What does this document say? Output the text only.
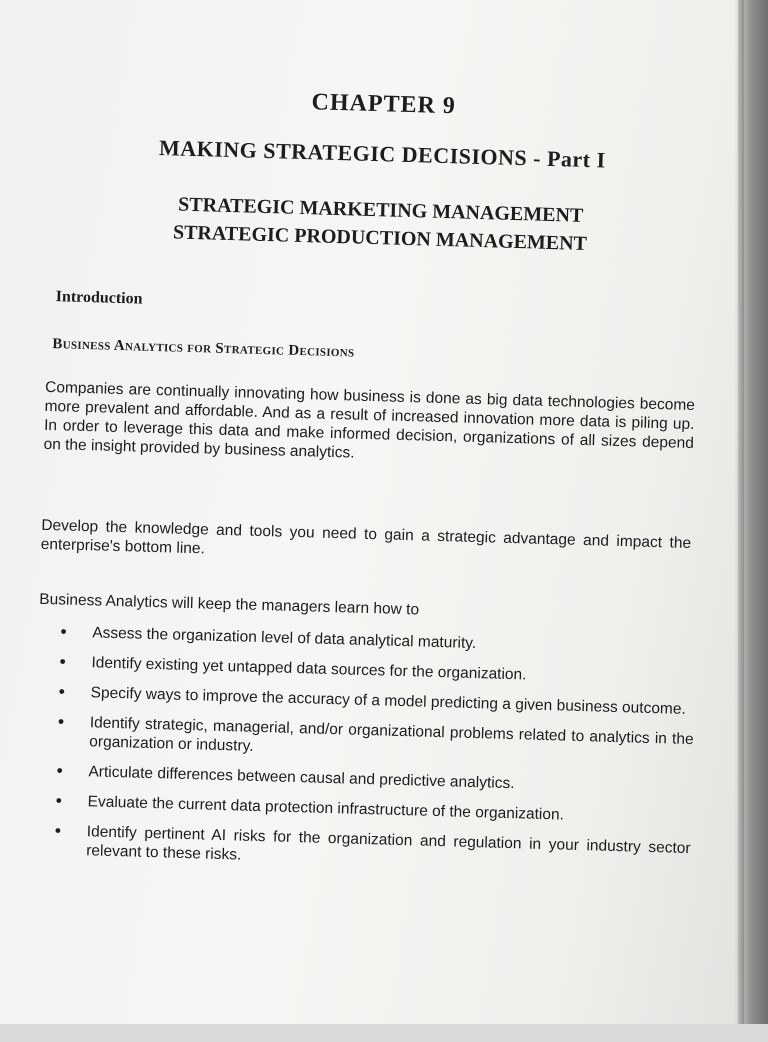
CHAPTER 9
MAKING STRATEGIC DECISIONS - Part I
STRATEGIC MARKETING MANAGEMENT
STRATEGIC PRODUCTION MANAGEMENT
Introduction
Business Analytics for Strategic Decisions
Companies are continually innovating how business is done as big data technologies become more prevalent and affordable. And as a result of increased innovation more data is piling up. In order to leverage this data and make informed decision, organizations of all sizes depend on the insight provided by business analytics.
Develop the knowledge and tools you need to gain a strategic advantage and impact the enterprise's bottom line.
Business Analytics will keep the managers learn how to
• Assess the organization level of data analytical maturity.
• Identify existing yet untapped data sources for the organization.
• Specify ways to improve the accuracy of a model predicting a given business outcome.
• Identify strategic, managerial, and/or organizational problems related to analytics in the organization or industry.
• Articulate differences between causal and predictive analytics.
• Evaluate the current data protection infrastructure of the organization.
• Identify pertinent AI risks for the organization and regulation in your industry sector relevant to these risks.
